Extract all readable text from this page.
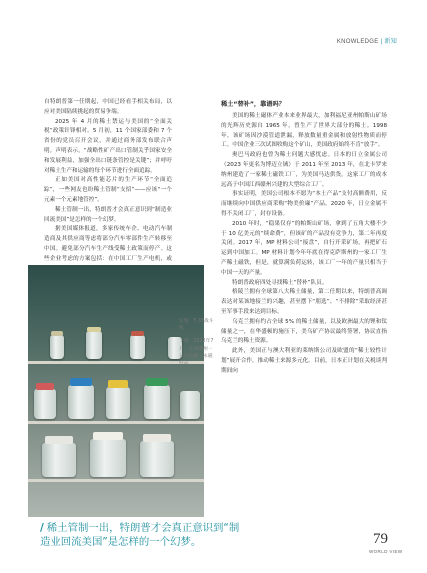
KNOWLEDGE | 新知

自特朗普第一任期起，中国已经看手相关布局，以应对美国陆续挑起的贸易争端。

2025 年 4 月的稀土禁运与美国的“全面关税”政策针锋相对。5 月初，11 个国家部委和 7 个省份的党员召开会议，并通过商务部发布联合声明。声明表示，“战略性矿产出口管制关乎国家安全和发展利益，加强全出口链条管控是关键”；并呼吁对稀土生产和运输的每个环节进行全面追踪。

正如美国对高性能芯片的生产环节“全面追踪”，一些网友也纷稀土管制“支招”——应该“一个元素一个元素地管控”。

稀土管制一出，特朗普才会真正意识到“制造业回流美国”是怎样的一个幻梦。

据美国媒体报道，多家传统车企、电动汽车制造商及其供应商等虑将部分汽车零部件生产转移至中国。避免部分汽车生产线受稀土政策而停产。这些企业考虑的方案包括：在中国工厂生产电机，或

稀土“替补”，靠谱吗？

美国的稀土磁体产业本来业界最大，加利福尼亚州帕斯山矿场的光辉历史源自 1965 年，曾生产了世界大部分的稀土。1998 年，该矿场因沙漠管道泄漏，释放数量重金属和放射性物质而停工。中国企业三次试图收购这个矿山，美国政府始终不肯“放手”。

奥巴马政府也曾为稀土问题大感忧虑。日本的日立金属公司（2023 年更名为博迈立铖）于 2011 年至 2013 年，在北卡罗来纳州建造了一家稀土磁铁工厂，为美国马达供货。这家工厂的成本远高于中国江西赣州兴建的大型综合工厂。

事实证明，美国公司根本不愿为“本土产品”支付高额费用，反而继续向中国供应商采购“物美价廉”产品。2020 年，日立金属不得不关闭工厂，封存设备。

2010 年时，“稳果仅存”的帕斯山矿场，拿到了五角大楼不少于 10 亿美元的“续命费”，但该矿的产品没有竞争力，第二年再度关闭。2017 年，MP 材料公司“接盘”，自行开采矿场，再把矿石运到中国加工。MP 材料计划今年年底在得克萨斯州的一家工厂生产稀土磁铁，但是，就算满负荷运转，该工厂一年的产量只相当于中国一天的产量。

特朗普政府四处寻找稀土“替补”队员。

格陵兰拥有全球第八大稀土储量，第二任期以来，特朗普高调表达对某该地接兰的兴趣，甚至摆下“朋选”、“不排除”采取经济甚至军事手段来达到目标。

乌克兰拥有约占全球 5% 的稀土储量，以及欧洲最大的锂和钛储量之一，在华盛顿的施压下，美乌矿产协议最终签署，协议直指乌克兰的稀土资源。

此外，美国正与澳大利亚的莱纳斯公司及欧盟的“稀土较性计划”展开合作，推动稀土来源多元化。目前，日本正计划在关税谈判期间向

左图：F-35战斗机

下图：2022年7月，江西赣州一公司的稀土永磁样品

/ 稀土管制一出，特朗普才会真正意识到“制造业回流美国”是怎样的一个幻梦。	79
WORLD VIEW
